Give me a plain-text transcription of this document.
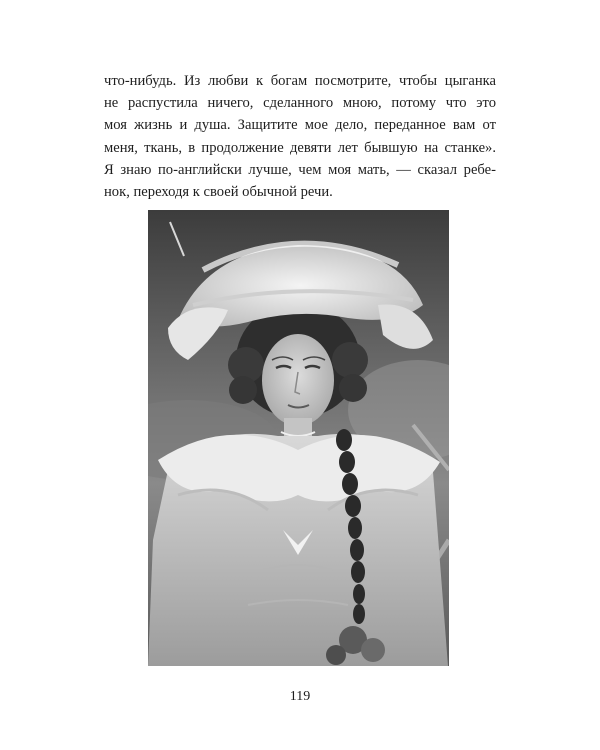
что-нибудь. Из любви к богам посмотрите, чтобы цыганка
не распустила ничего, сделанного мною, потому что это
моя жизнь и душа. Защитите мое дело, переданное вам от
меня, ткань, в продолжение девяти лет бывшую на станке».
Я знаю по-английски лучше, чем моя мать, — сказал ребе-
нок, переходя к своей обычной речи.
119
